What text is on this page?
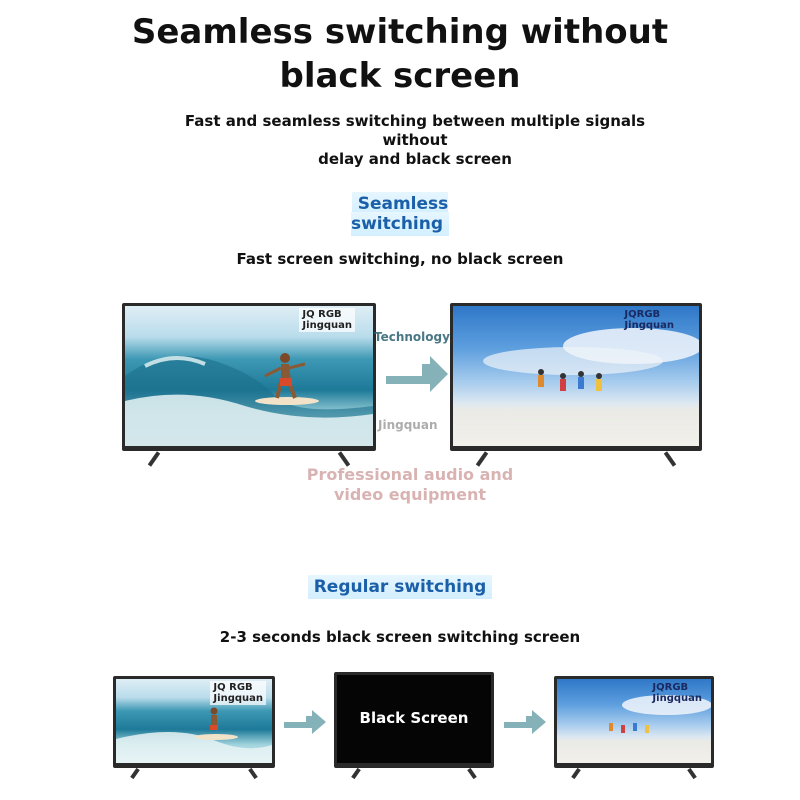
Seamless switching without
black screen
Fast and seamless switching between multiple signals without
delay and black screen
Seamless switching
Fast screen switching, no black screen
JQ RGB
Jingquan
Technology
Jingquan
JQRGB
Jingquan
Professional audio and
video equipment
Regular switching
2-3 seconds black screen switching screen
JQ RGB
Jingquan
Black Screen
JQRGB
Jingquan
